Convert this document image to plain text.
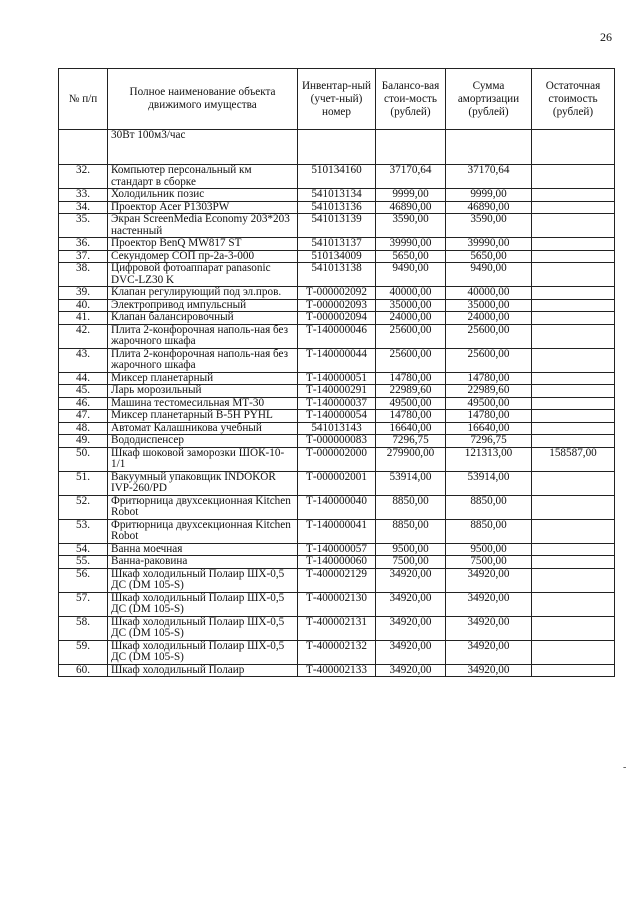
26
№ п/п	Полное наименование объекта движимого имущества	Инвентар-ный (учет-ный) номер	Балансо-вая стои-мость (рублей)	Сумма амортизации (рублей)	Остаточная стоимость (рублей)
	30Вт 100м3/час				
32.	Компьютер персональный км стандарт в сборке	510134160	37170,64	37170,64	
33.	Холодильник позис	541013134	9999,00	9999,00	
34.	Проектор Acer P1303PW	541013136	46890,00	46890,00	
35.	Экран ScreenMedia Economy 203*203 настенный	541013139	3590,00	3590,00	
36.	Проектор BenQ MW817 ST	541013137	39990,00	39990,00	
37.	Секундомер СОП пр-2а-3-000	510134009	5650,00	5650,00	
38.	Цифровой фотоаппарат panasonic DVC-LZ30 K	541013138	9490,00	9490,00	
39.	Клапан регулирующий под эл.пров.	Т-000002092	40000,00	40000,00	
40.	Электропривод импульсный	Т-000002093	35000,00	35000,00	
41.	Клапан балансировочный	Т-000002094	24000,00	24000,00	
42.	Плита 2-конфорочная наполь-ная без жарочного шкафа	Т-140000046	25600,00	25600,00	
43.	Плита 2-конфорочная наполь-ная без жарочного шкафа	Т-140000044	25600,00	25600,00	
44.	Миксер планетарный	Т-140000051	14780,00	14780,00	
45.	Ларь морозильный	Т-140000291	22989,60	22989,60	
46.	Машина тестомесильная МТ-30	Т-140000037	49500,00	49500,00	
47.	Миксер планетарный B-5H PYHL	Т-140000054	14780,00	14780,00	
48.	Автомат Калашникова учебный	541013143	16640,00	16640,00	
49.	Вододиспенсер	Т-000000083	7296,75	7296,75	
50.	Шкаф шоковой заморозки ШОК-10-1/1	Т-000002000	279900,00	121313,00	158587,00
51.	Вакуумный упаковщик INDOKOR IVP-260/PD	Т-000002001	53914,00	53914,00	
52.	Фритюрница двухсекционная Kitchen Robot	Т-140000040	8850,00	8850,00	
53.	Фритюрница двухсекционная Kitchen Robot	Т-140000041	8850,00	8850,00	
54.	Ванна моечная	Т-140000057	9500,00	9500,00	
55.	Ванна-раковина	Т-140000060	7500,00	7500,00	
56.	Шкаф холодильный Полаир ШХ-0,5 ДС (DM 105-S)	Т-400002129	34920,00	34920,00	
57.	Шкаф холодильный Полаир ШХ-0,5 ДС (DM 105-S)	Т-400002130	34920,00	34920,00	
58.	Шкаф холодильный Полаир ШХ-0,5 ДС (DM 105-S)	Т-400002131	34920,00	34920,00	
59.	Шкаф холодильный Полаир ШХ-0,5 ДС (DM 105-S)	Т-400002132	34920,00	34920,00	
60.	Шкаф холодильный Полаир	Т-400002133	34920,00	34920,00	
-
